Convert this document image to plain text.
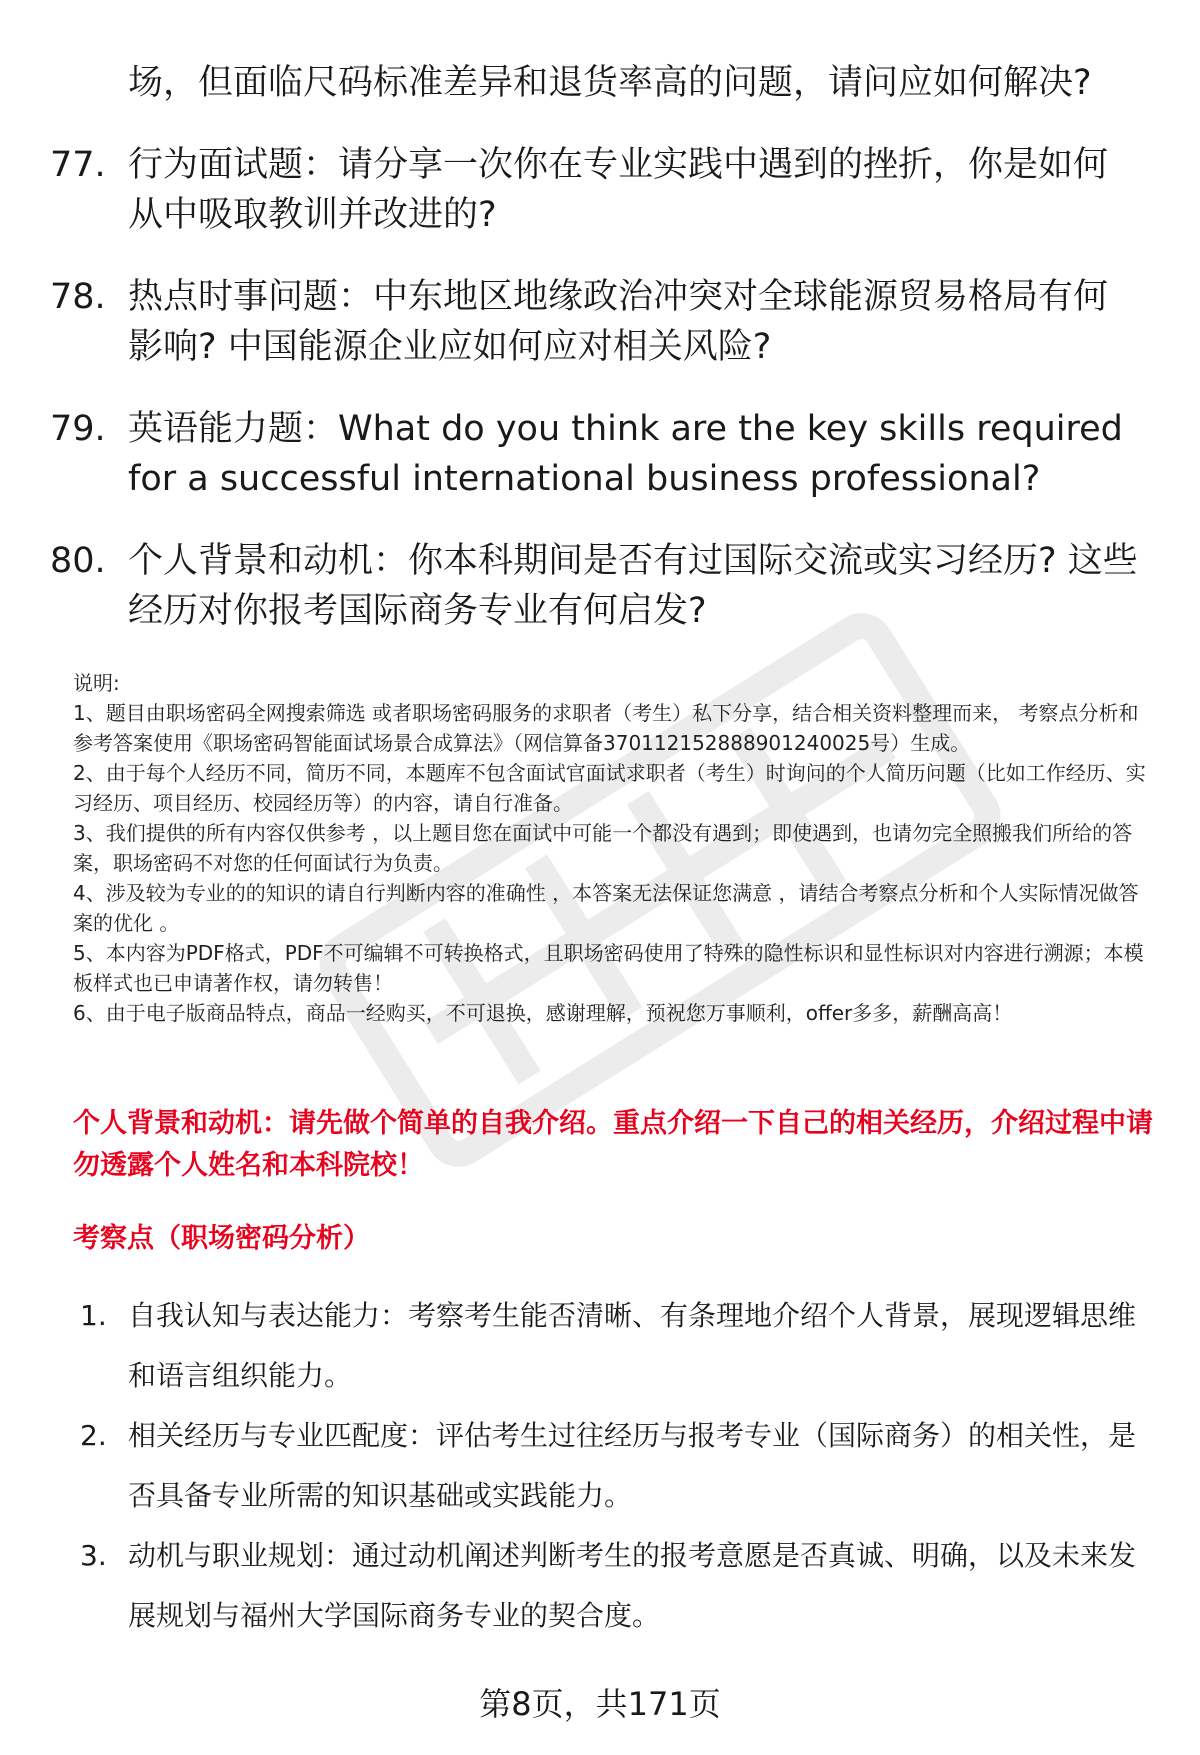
场，但面临尺码标准差异和退货率高的问题，请问应如何解决?
77. 行为面试题：请分享一次你在专业实践中遇到的挫折，你是如何从中吸取教训并改进的?
78. 热点时事问题：中东地区地缘政治冲突对全球能源贸易格局有何影响? 中国能源企业应如何应对相关风险?
79. 英语能力题：What do you think are the key skills required for a successful international business professional?
80. 个人背景和动机：你本科期间是否有过国际交流或实习经历? 这些经历对你报考国际商务专业有何启发?

说明:

1、题目由职场密码全网搜索筛选 或者职场密码服务的求职者（考生）私下分享，结合相关资料整理而来， 考察点分析和参考答案使用《职场密码智能面试场景合成算法》（网信算备370112152888901240025号）生成。

2、由于每个人经历不同，简历不同，本题库不包含面试官面试求职者（考生）时询问的个人简历问题（比如工作经历、实习经历、项目经历、校园经历等）的内容，请自行准备。

3、我们提供的所有内容仅供参考 ，以上题目您在面试中可能一个都没有遇到；即使遇到，也请勿完全照搬我们所给的答案，职场密码不对您的任何面试行为负责。

4、涉及较为专业的的知识的请自行判断内容的准确性 ，本答案无法保证您满意 ，请结合考察点分析和个人实际情况做答案的优化 。

5、本内容为PDF格式，PDF不可编辑不可转换格式，且职场密码使用了特殊的隐性标识和显性标识对内容进行溯源；本模板样式也已申请著作权，请勿转售！

6、由于电子版商品特点，商品一经购买，不可退换，感谢理解，预祝您万事顺利，offer多多，薪酬高高！

个人背景和动机：请先做个简单的自我介绍。重点介绍一下自己的相关经历，介绍过程中请勿透露个人姓名和本科院校！
考察点（职场密码分析）
1. 自我认知与表达能力：考察考生能否清晰、有条理地介绍个人背景，展现逻辑思维和语言组织能力。
2. 相关经历与专业匹配度：评估考生过往经历与报考专业（国际商务）的相关性，是否具备专业所需的知识基础或实践能力。
3. 动机与职业规划：通过动机阐述判断考生的报考意愿是否真诚、明确，以及未来发展规划与福州大学国际商务专业的契合度。
第8页，共171页
